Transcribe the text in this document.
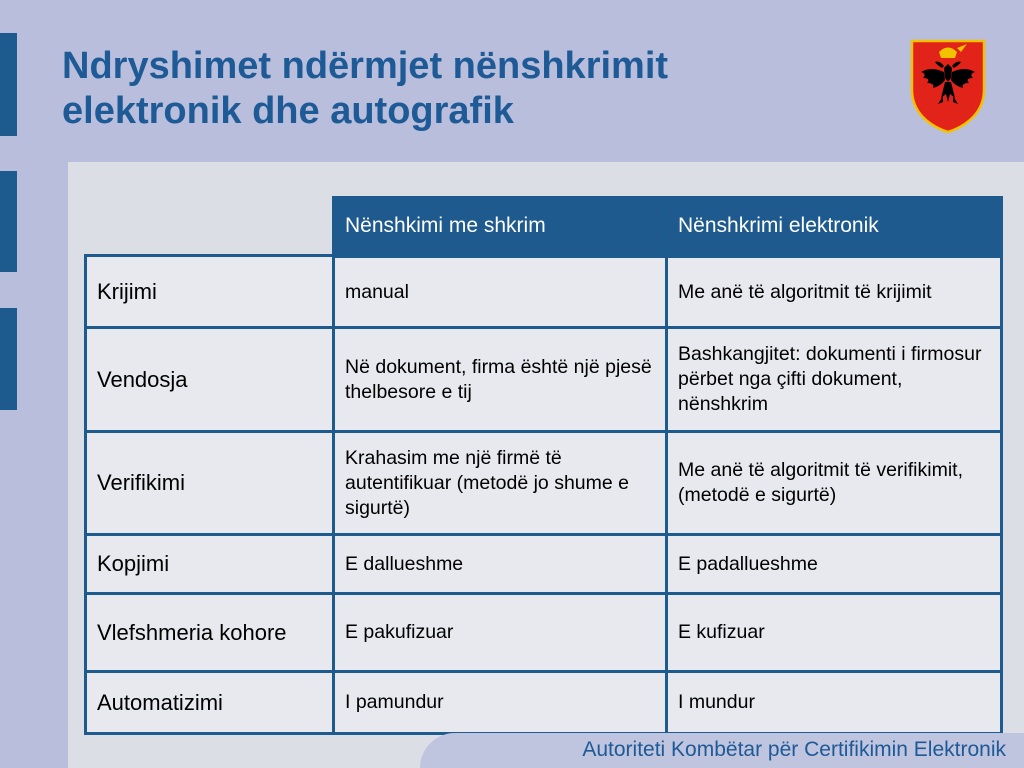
Ndryshimet ndërmjet nënshkrimit
elektronik dhe autografik
	Nënshkimi me shkrim	Nënshkrimi elektronik
Krijimi	manual	Me anë të algoritmit të krijimit
Vendosja	Në dokument, firma është një pjesë thelbesore e tij	Bashkangjitet: dokumenti i firmosur përbet nga çifti dokument, nënshkrim
Verifikimi	Krahasim me një firmë të autentifikuar (metodë jo shume e sigurtë)	Me anë të algoritmit të verifikimit, (metodë e sigurtë)
Kopjimi	E dallueshme	E padallueshme
Vlefshmeria kohore	E pakufizuar	E kufizuar
Automatizimi	I pamundur	I mundur
Autoriteti Kombëtar për Certifikimin Elektronik
